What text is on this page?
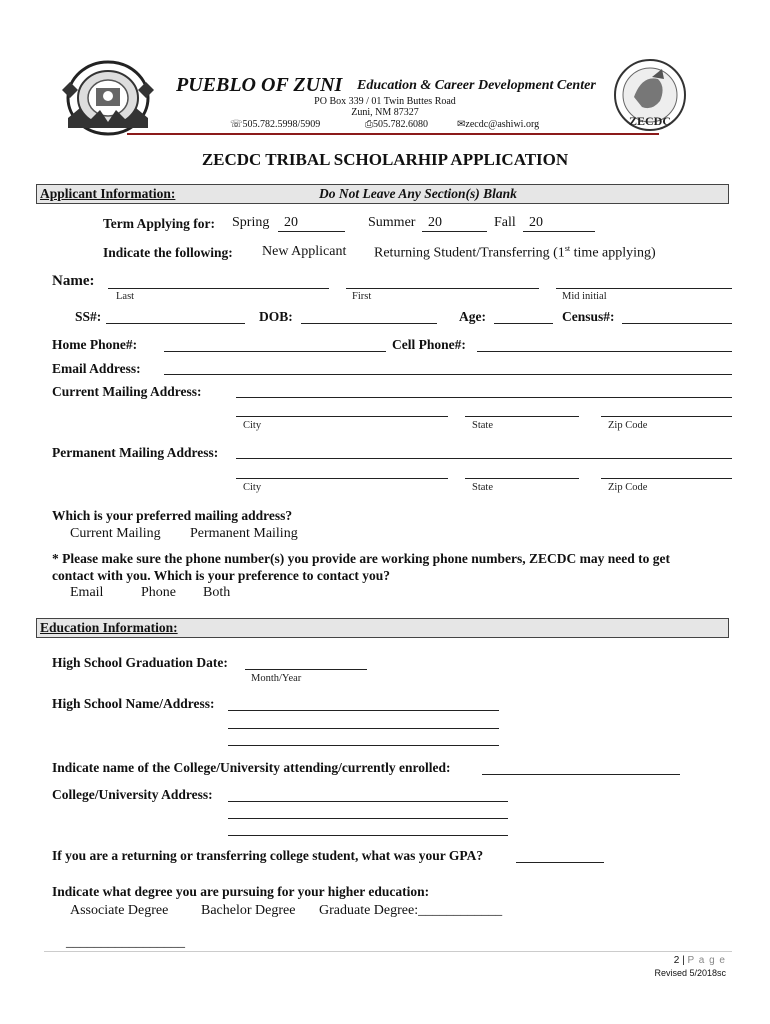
ZECDC
PUEBLO OF ZUNI Education & Career Development Center
PO Box 339 / 01 Twin Buttes Road
Zuni, NM 87327
☏505.782.5998/5909	⎙505.782.6080	✉zecdc@ashiwi.org
ZECDC TRIBAL SCHOLARHIP APPLICATION
Applicant Information:	Do Not Leave Any Section(s) Blank
Term Applying for: Spring 20	Summer 20	Fall 20
Indicate the following: New Applicant Returning Student/Transferring (1st time applying)
Name:
Last	First	Mid initial
SS#:	DOB:	Age:	Census#:
Home Phone#:	Cell Phone#:
Email Address:
Current Mailing Address:
City	State	Zip Code
Permanent Mailing Address:
City	State	Zip Code
Which is your preferred mailing address?
Current Mailing Permanent Mailing
* Please make sure the phone number(s) you provide are working phone numbers, ZECDC may need to get
contact with you. Which is your preference to contact you?
Email	Phone Both
Education Information:
High School Graduation Date:
Month/Year
High School Name/Address:
Indicate name of the College/University attending/currently enrolled:
College/University Address:
If you are a returning or transferring college student, what was your GPA?
Indicate what degree you are pursuing for your higher education:
Associate Degree Bachelor Degree Graduate Degree:____________
_________________
2 | P a g e
Revised 5/2018sc
